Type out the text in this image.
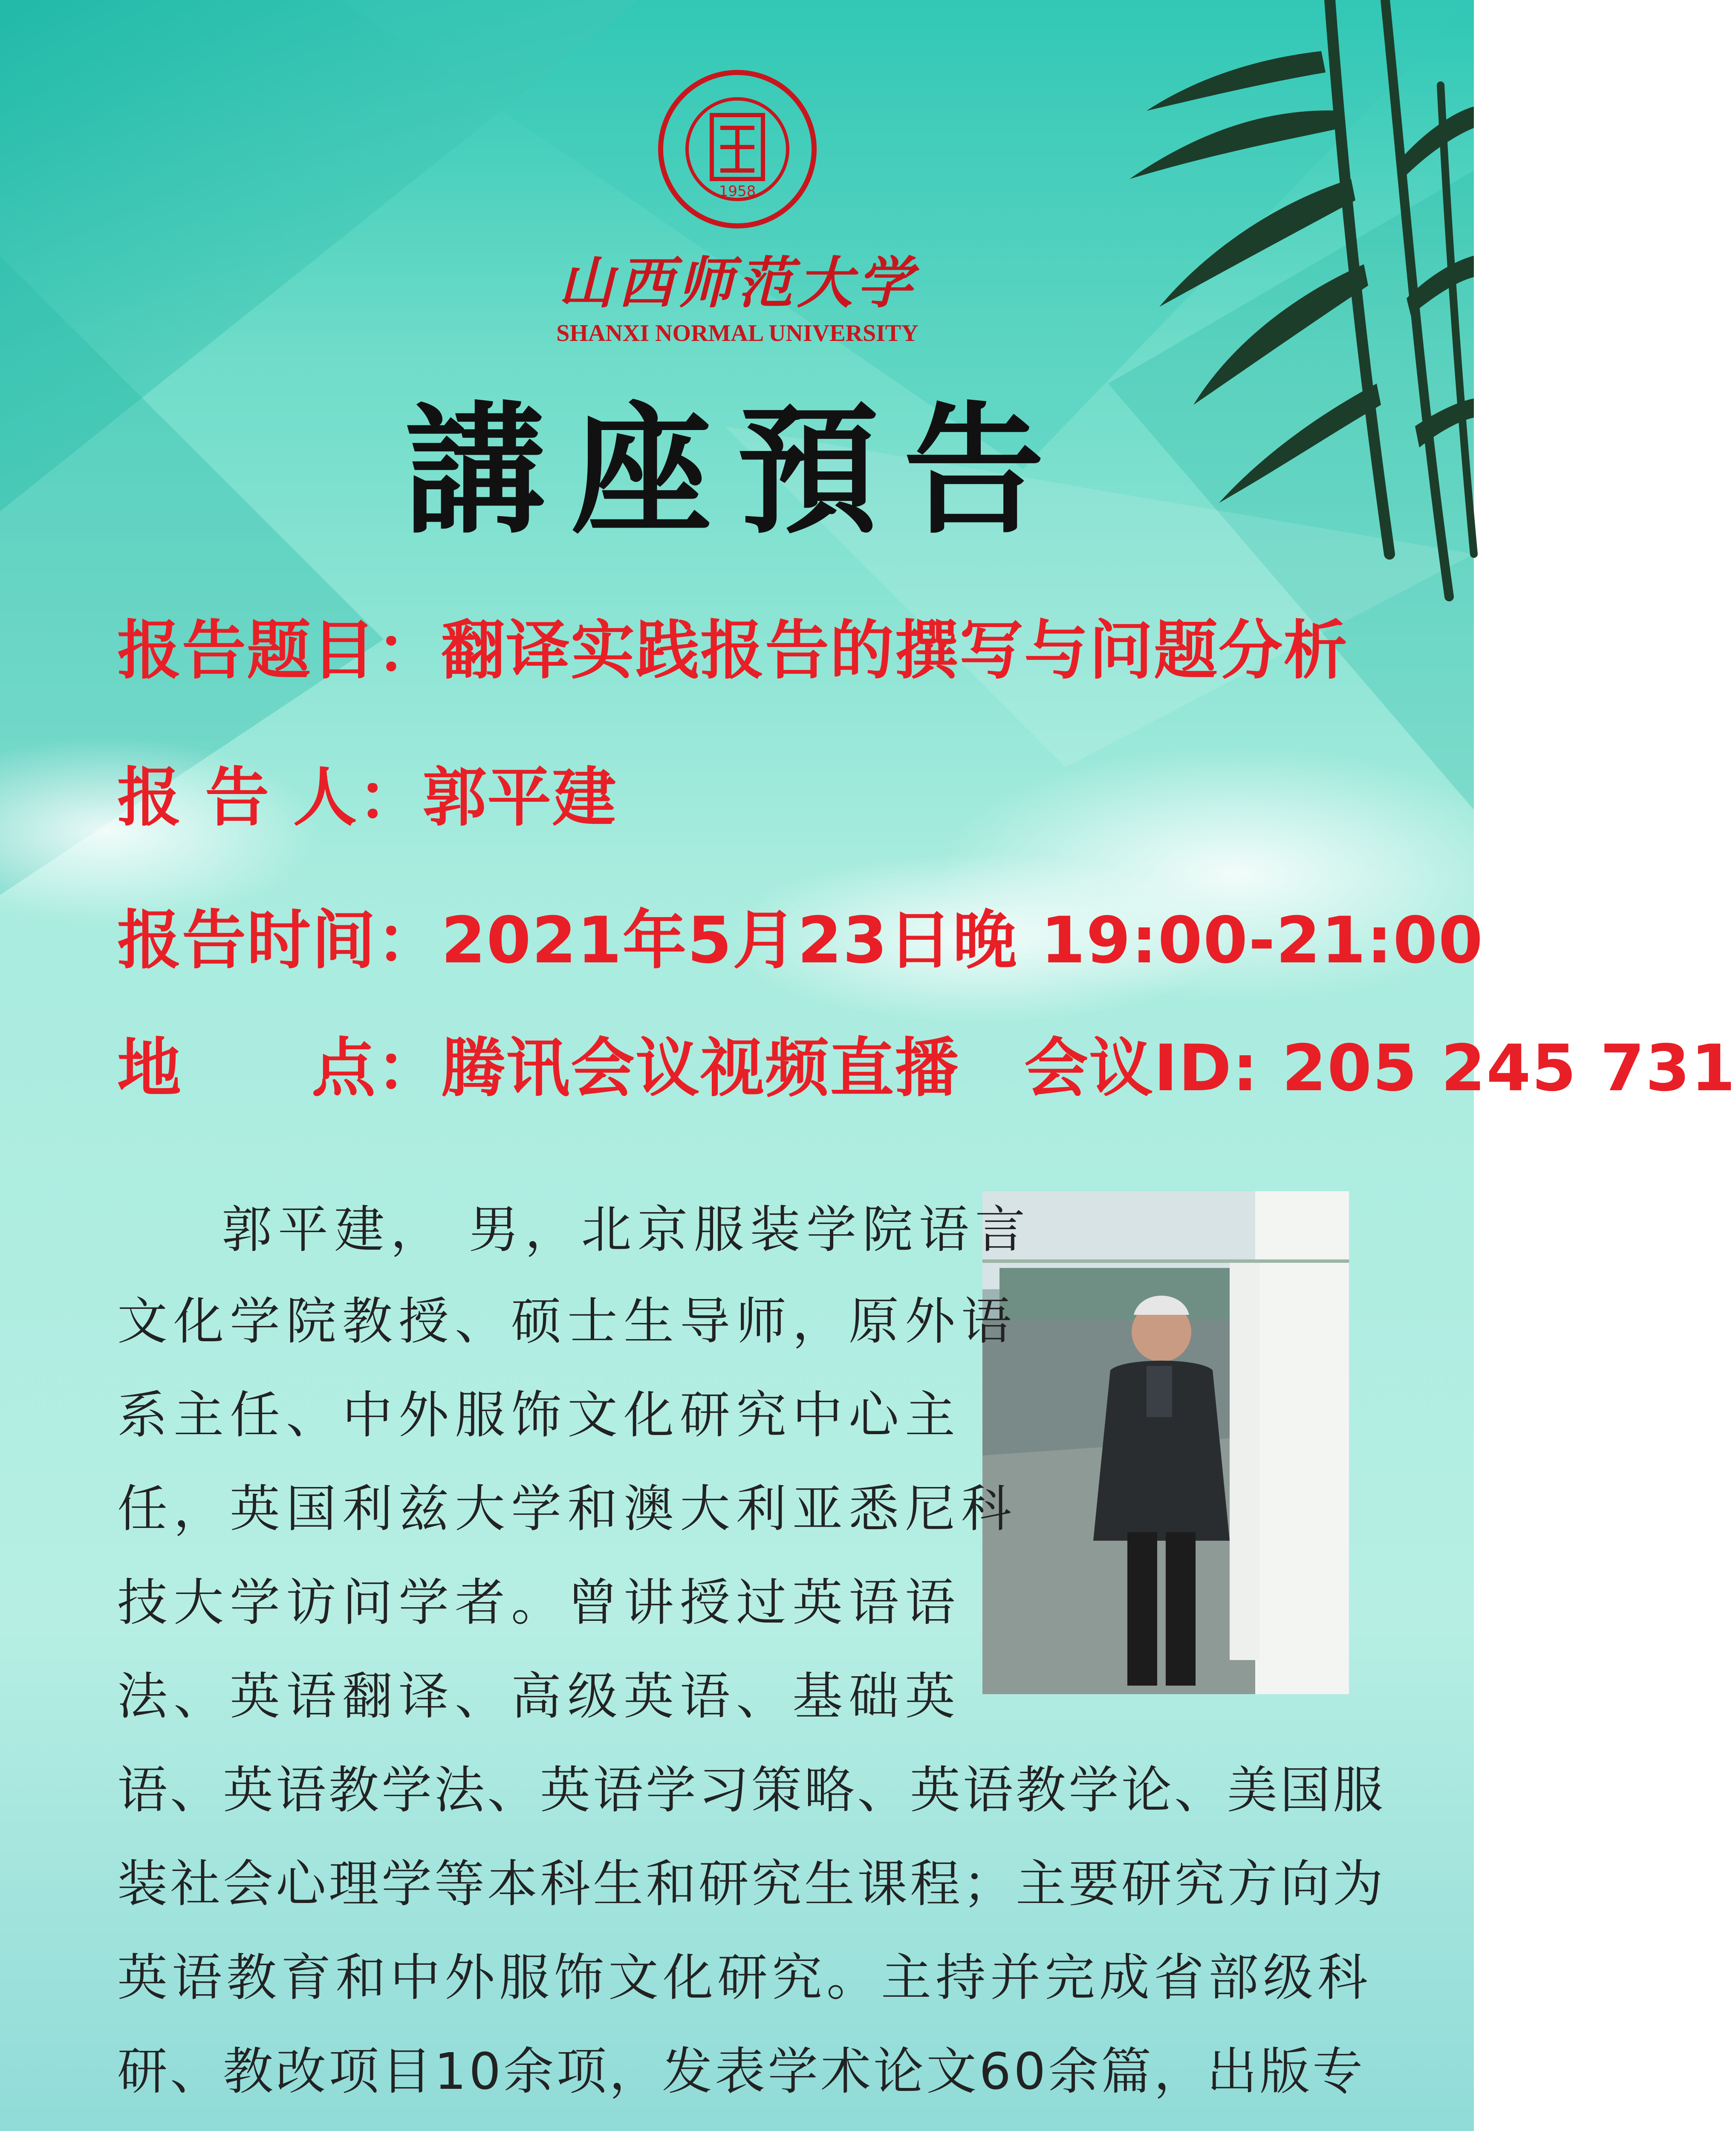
1958
山西师范大学
SHANXI NORMAL UNIVERSITY
講座預告
报告题目：翻译实践报告的撰写与问题分析
报 告 人：郭平建
报告时间：2021年5月23日晚 19:00-21:00
地　　点：腾讯会议视频直播　会议ID: 205 245 731
郭平建， 男，北京服装学院语言
文化学院教授、硕士生导师，原外语
系主任、中外服饰文化研究中心主
任，英国利兹大学和澳大利亚悉尼科
技大学访问学者。曾讲授过英语语
法、英语翻译、高级英语、基础英
语、英语教学法、英语学习策略、英语教学论、美国服
装社会心理学等本科生和研究生课程；主要研究方向为
英语教育和中外服饰文化研究。主持并完成省部级科
研、教改项目10余项，发表学术论文60余篇，出版专
